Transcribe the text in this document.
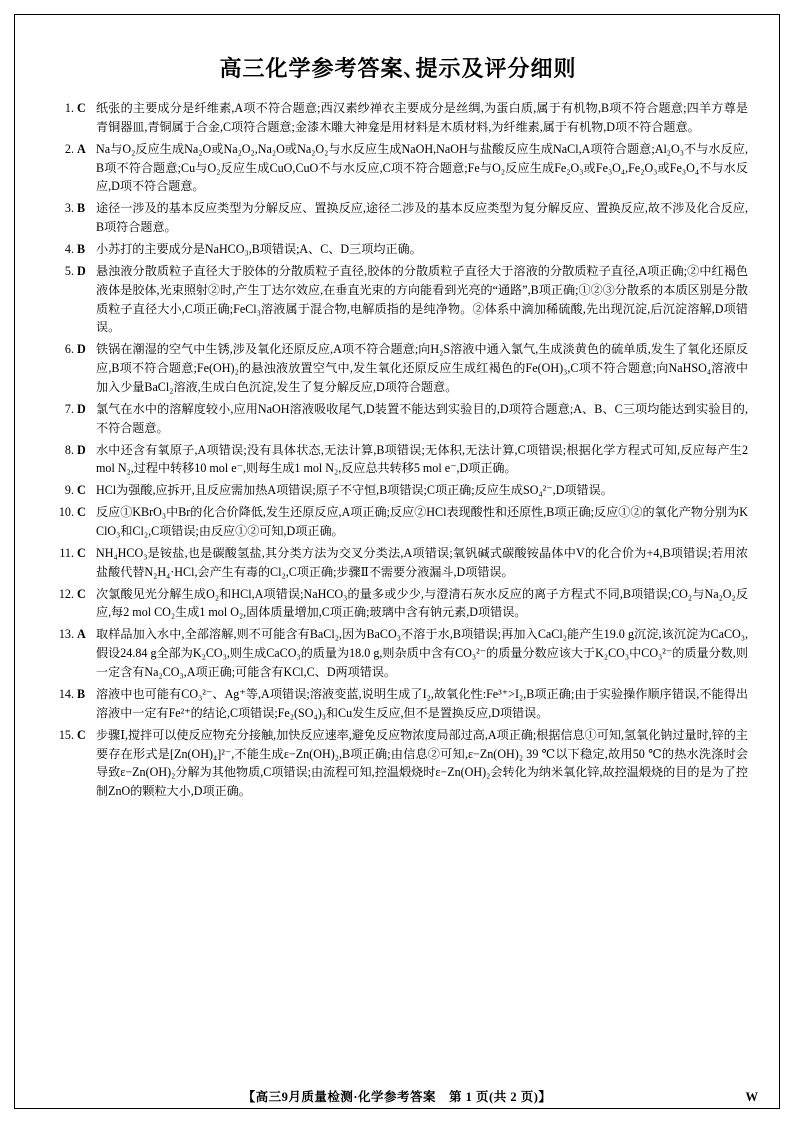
高三化学参考答案､提示及评分细则
1. C 纸张的主要成分是纤维素,A项不符合题意;西汉素纱禅衣主要成分是丝绸,为蛋白质,属于有机物,B项不符合题意;四羊方尊是青铜器皿,青铜属于合金,C项符合题意;金漆木雕大神龛是用材料是木质材料,为纤维素,属于有机物,D项不符合题意。
2. A Na与O₂反应生成Na₂O或Na₂O₂,Na₂O或Na₂O₂与水反应生成NaOH,NaOH与盐酸反应生成NaCl,A项符合题意;Al₂O₃不与水反应,B项不符合题意;Cu与O₂反应生成CuO,CuO不与水反应,C项不符合题意;Fe与O₂反应生成Fe₂O₃或Fe₃O₄,Fe₂O₃或Fe₃O₄不与水反应,D项不符合题意。
3. B 途径一涉及的基本反应类型为分解反应、置换反应,途径二涉及的基本反应类型为复分解反应、置换反应,故不涉及化合反应,B项符合题意。
4. B 小苏打的主要成分是NaHCO₃,B项错误;A、C、D三项均正确。
5. D 悬浊液分散质粒子直径大于胶体的分散质粒子直径,胶体的分散质粒子直径大于溶液的分散质粒子直径,A项正确;②中红褐色液体是胶体,光束照射②时,产生丁达尔效应,在垂直光束的方向能看到光亮的“通路”,B项正确;①②③分散系的本质区别是分散质粒子直径大小,C项正确;FeCl₃溶液属于混合物,电解质指的是纯净物。②体系中滴加稀硫酸,先出现沉淀,后沉淀溶解,D项错误。
6. D 铁锅在潮湿的空气中生锈,涉及氧化还原反应,A项不符合题意;向H₂S溶液中通入氯气,生成淡黄色的硫单质,发生了氧化还原反应,B项不符合题意;Fe(OH)₂的悬浊液放置空气中,发生氧化还原反应生成红褐色的Fe(OH)₃,C项不符合题意;向NaHSO₄溶液中加入少量BaCl₂溶液,生成白色沉淀,发生了复分解反应,D项符合题意。
7. D 氯气在水中的溶解度较小,应用NaOH溶液吸收尾气,D装置不能达到实验目的,D项符合题意;A、B、C三项均能达到实验目的,不符合题意。
8. D 水中还含有氧原子,A项错误;没有具体状态,无法计算,B项错误;无体积,无法计算,C项错误;根据化学方程式可知,反应每产生2 mol N₂,过程中转移10 mol e⁻,则每生成1 mol N₂,反应总共转移5 mol e⁻,D项正确。
9. C HCl为强酸,应拆开,且反应需加热A项错误;原子不守恒,B项错误;C项正确;反应生成SO₄²⁻,D项错误。
10. C 反应①KBrO₃中Br的化合价降低,发生还原反应,A项正确;反应②HCl表现酸性和还原性,B项正确;反应①②的氧化产物分别为KClO₃和Cl₂,C项错误;由反应①②可知,D项正确。
11. C NH₄HCO₃是铵盐,也是碳酸氢盐,其分类方法为交叉分类法,A项错误;氧钒碱式碳酸铵晶体中V的化合价为+4,B项错误;若用浓盐酸代替N₂H₄·HCl,会产生有毒的Cl₂,C项正确;步骤Ⅱ不需要分液漏斗,D项错误。
12. C 次氯酸见光分解生成O₂和HCl,A项错误;NaHCO₃的量多或少少,与澄清石灰水反应的离子方程式不同,B项错误;CO₂与Na₂O₂反应,每2 mol CO₂生成1 mol O₂,固体质量增加,C项正确;玻璃中含有钠元素,D项错误。
13. A 取样品加入水中,全部溶解,则不可能含有BaCl₂,因为BaCO₃不溶于水,B项错误;再加入CaCl₂能产生19.0 g沉淀,该沉淀为CaCO₃,假设24.84 g全部为K₂CO₃,则生成CaCO₃的质量为18.0 g,则杂质中含有CO₃²⁻的质量分数应该大于K₂CO₃中CO₃²⁻的质量分数,则一定含有Na₂CO₃,A项正确;可能含有KCl,C、D两项错误。
14. B 溶液中也可能有CO₃²⁻、Ag⁺等,A项错误;溶液变蓝,说明生成了I₂,故氧化性:Fe³⁺>I₂,B项正确;由于实验操作顺序错误,不能得出溶液中一定有Fe²⁺的结论,C项错误;Fe₂(SO₄)₃和Cu发生反应,但不是置换反应,D项错误。
15. C 步骤Ⅰ,搅拌可以使反应物充分接触,加快反应速率,避免反应物浓度局部过高,A项正确;根据信息①可知,氢氧化钠过量时,锌的主要存在形式是[Zn(OH)₄]²⁻,不能生成ε−Zn(OH)₂,B项正确;由信息②可知,ε−Zn(OH)₂ 39 ℃以下稳定,故用50 ℃的热水洗涤时会导致ε−Zn(OH)₂分解为其他物质,C项错误;由流程可知,控温煅烧时ε−Zn(OH)₂会转化为纳米氧化锌,故控温煅烧的目的是为了控制ZnO的颗粒大小,D项正确。
【高三9月质量检测·化学参考答案　第 1 页(共 2 页)】	W
